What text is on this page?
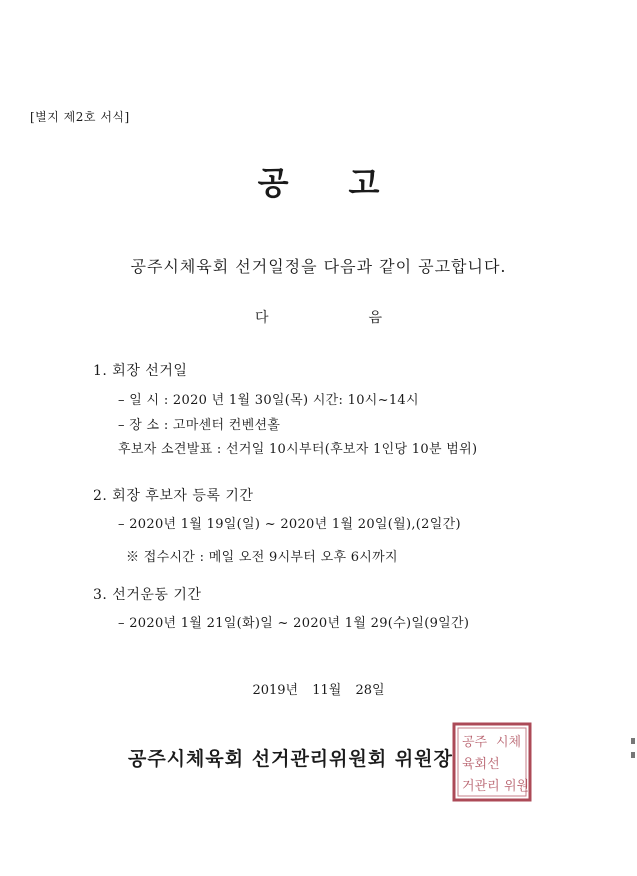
[별지 제2호 서식]
공고
공주시체육회 선거일정을 다음과 같이 공고합니다.
다음
1. 회장 선거일
– 일 시 : 2020 년 1월 30일(목) 시간: 10시~14시
– 장 소 : 고마센터 컨벤션홀
후보자 소견발표 : 선거일 10시부터(후보자 1인당 10분 범위)
2. 회장 후보자 등록 기간
– 2020년 1월 19일(일) ~ 2020년 1월 20일(월),(2일간)
※ 접수시간 : 메일 오전 9시부터 오후 6시까지
3. 선거운동 기간
– 2020년 1월 21일(화)일 ~ 2020년 1월 29(수)일(9일간)
2019년 11월 28일
공주시체육회 선거관리위원회 위원장
공주 시체
육회선
거관리 위원
